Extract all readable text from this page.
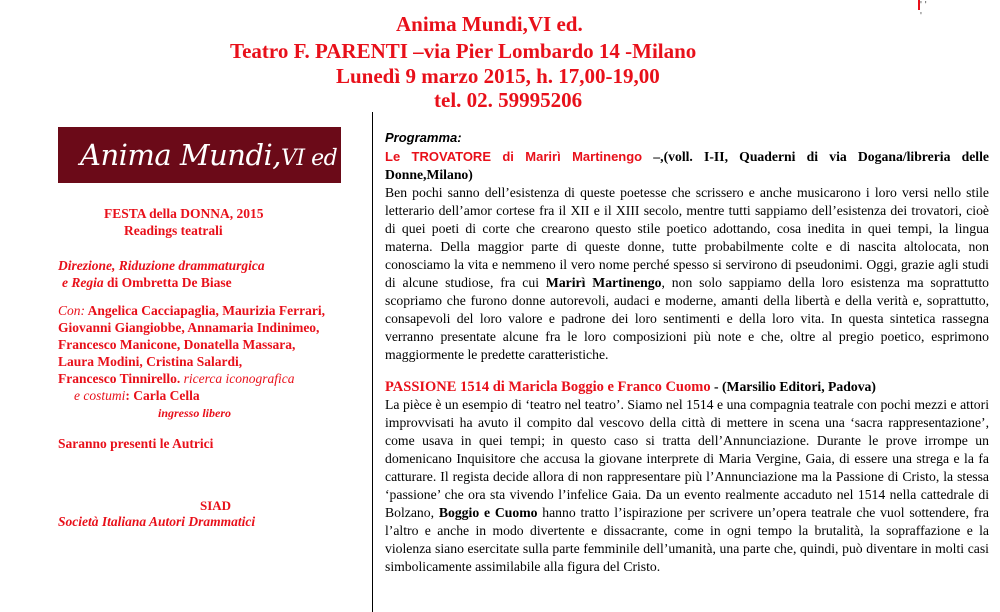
' ' '
Anima Mundi,VI ed.
Teatro F. PARENTI –via Pier Lombardo 14 -Milano
Lunedì 9 marzo 2015, h. 17,00-19,00
tel. 02. 59995206
Anima Mundi,VI ed
FESTA della DONNA, 2015
Readings teatrali
Direzione, Riduzione drammaturgica
e Regia di Ombretta De Biase
Con: Angelica Cacciapaglia, Maurizia Ferrari,
Giovanni Giangiobbe, Annamaria Indinimeo,
Francesco Manicone, Donatella Massara,
Laura Modini, Cristina Salardi,
Francesco Tinnirello. ricerca iconografica
e costumi: Carla Cella
ingresso libero
Saranno presenti le Autrici
SIAD
Società Italiana Autori Drammatici
Programma:
Le TROVATORE di Marirì Martinengo –,(voll. I-II, Quaderni di via Dogana/libreria delle Donne,Milano)
Ben pochi sanno dell’esistenza di queste poetesse che scrissero e anche musicarono i loro versi nello stile letterario dell’amor cortese fra il XII e il XIII secolo, mentre tutti sappiamo dell’esistenza dei trovatori, cioè di quei poeti di corte che crearono questo stile poetico adottando, cosa inedita in quei tempi, la lingua materna. Della maggior parte di queste donne, tutte probabilmente colte e di nascita altolocata, non conosciamo la vita e nemmeno il vero nome perché spesso si servirono di pseudonimi. Oggi, grazie agli studi di alcune studiose, fra cui Marirì Martinengo, non solo sappiamo della loro esistenza ma soprattutto scopriamo che furono donne autorevoli, audaci e moderne, amanti della libertà e della verità e, soprattutto, consapevoli del loro valore e padrone dei loro sentimenti e della loro vita. In questa sintetica rassegna verranno presentate alcune fra le loro composizioni più note e che, oltre al pregio poetico, esprimono maggiormente le predette caratteristiche.
PASSIONE 1514 di Maricla Boggio e Franco Cuomo - (Marsilio Editori, Padova)
La pièce è un esempio di ‘teatro nel teatro’. Siamo nel 1514 e una compagnia teatrale con pochi mezzi e attori improvvisati ha avuto il compito dal vescovo della città di mettere in scena una ‘sacra rappresentazione’, come usava in quei tempi; in questo caso si tratta dell’Annunciazione. Durante le prove irrompe un domenicano Inquisitore che accusa la giovane interprete di Maria Vergine, Gaia, di essere una strega e la fa catturare. Il regista decide allora di non rappresentare più l’Annunciazione ma la Passione di Cristo, la stessa ‘passione’ che ora sta vivendo l’infelice Gaia. Da un evento realmente accaduto nel 1514 nella cattedrale di Bolzano, Boggio e Cuomo hanno tratto l’ispirazione per scrivere un’opera teatrale che vuol sottendere, fra l’altro e anche in modo divertente e dissacrante, come in ogni tempo la brutalità, la sopraffazione e la violenza siano esercitate sulla parte femminile dell’umanità, una parte che, quindi, può diventare in molti casi simbolicamente assimilabile alla figura del Cristo.
